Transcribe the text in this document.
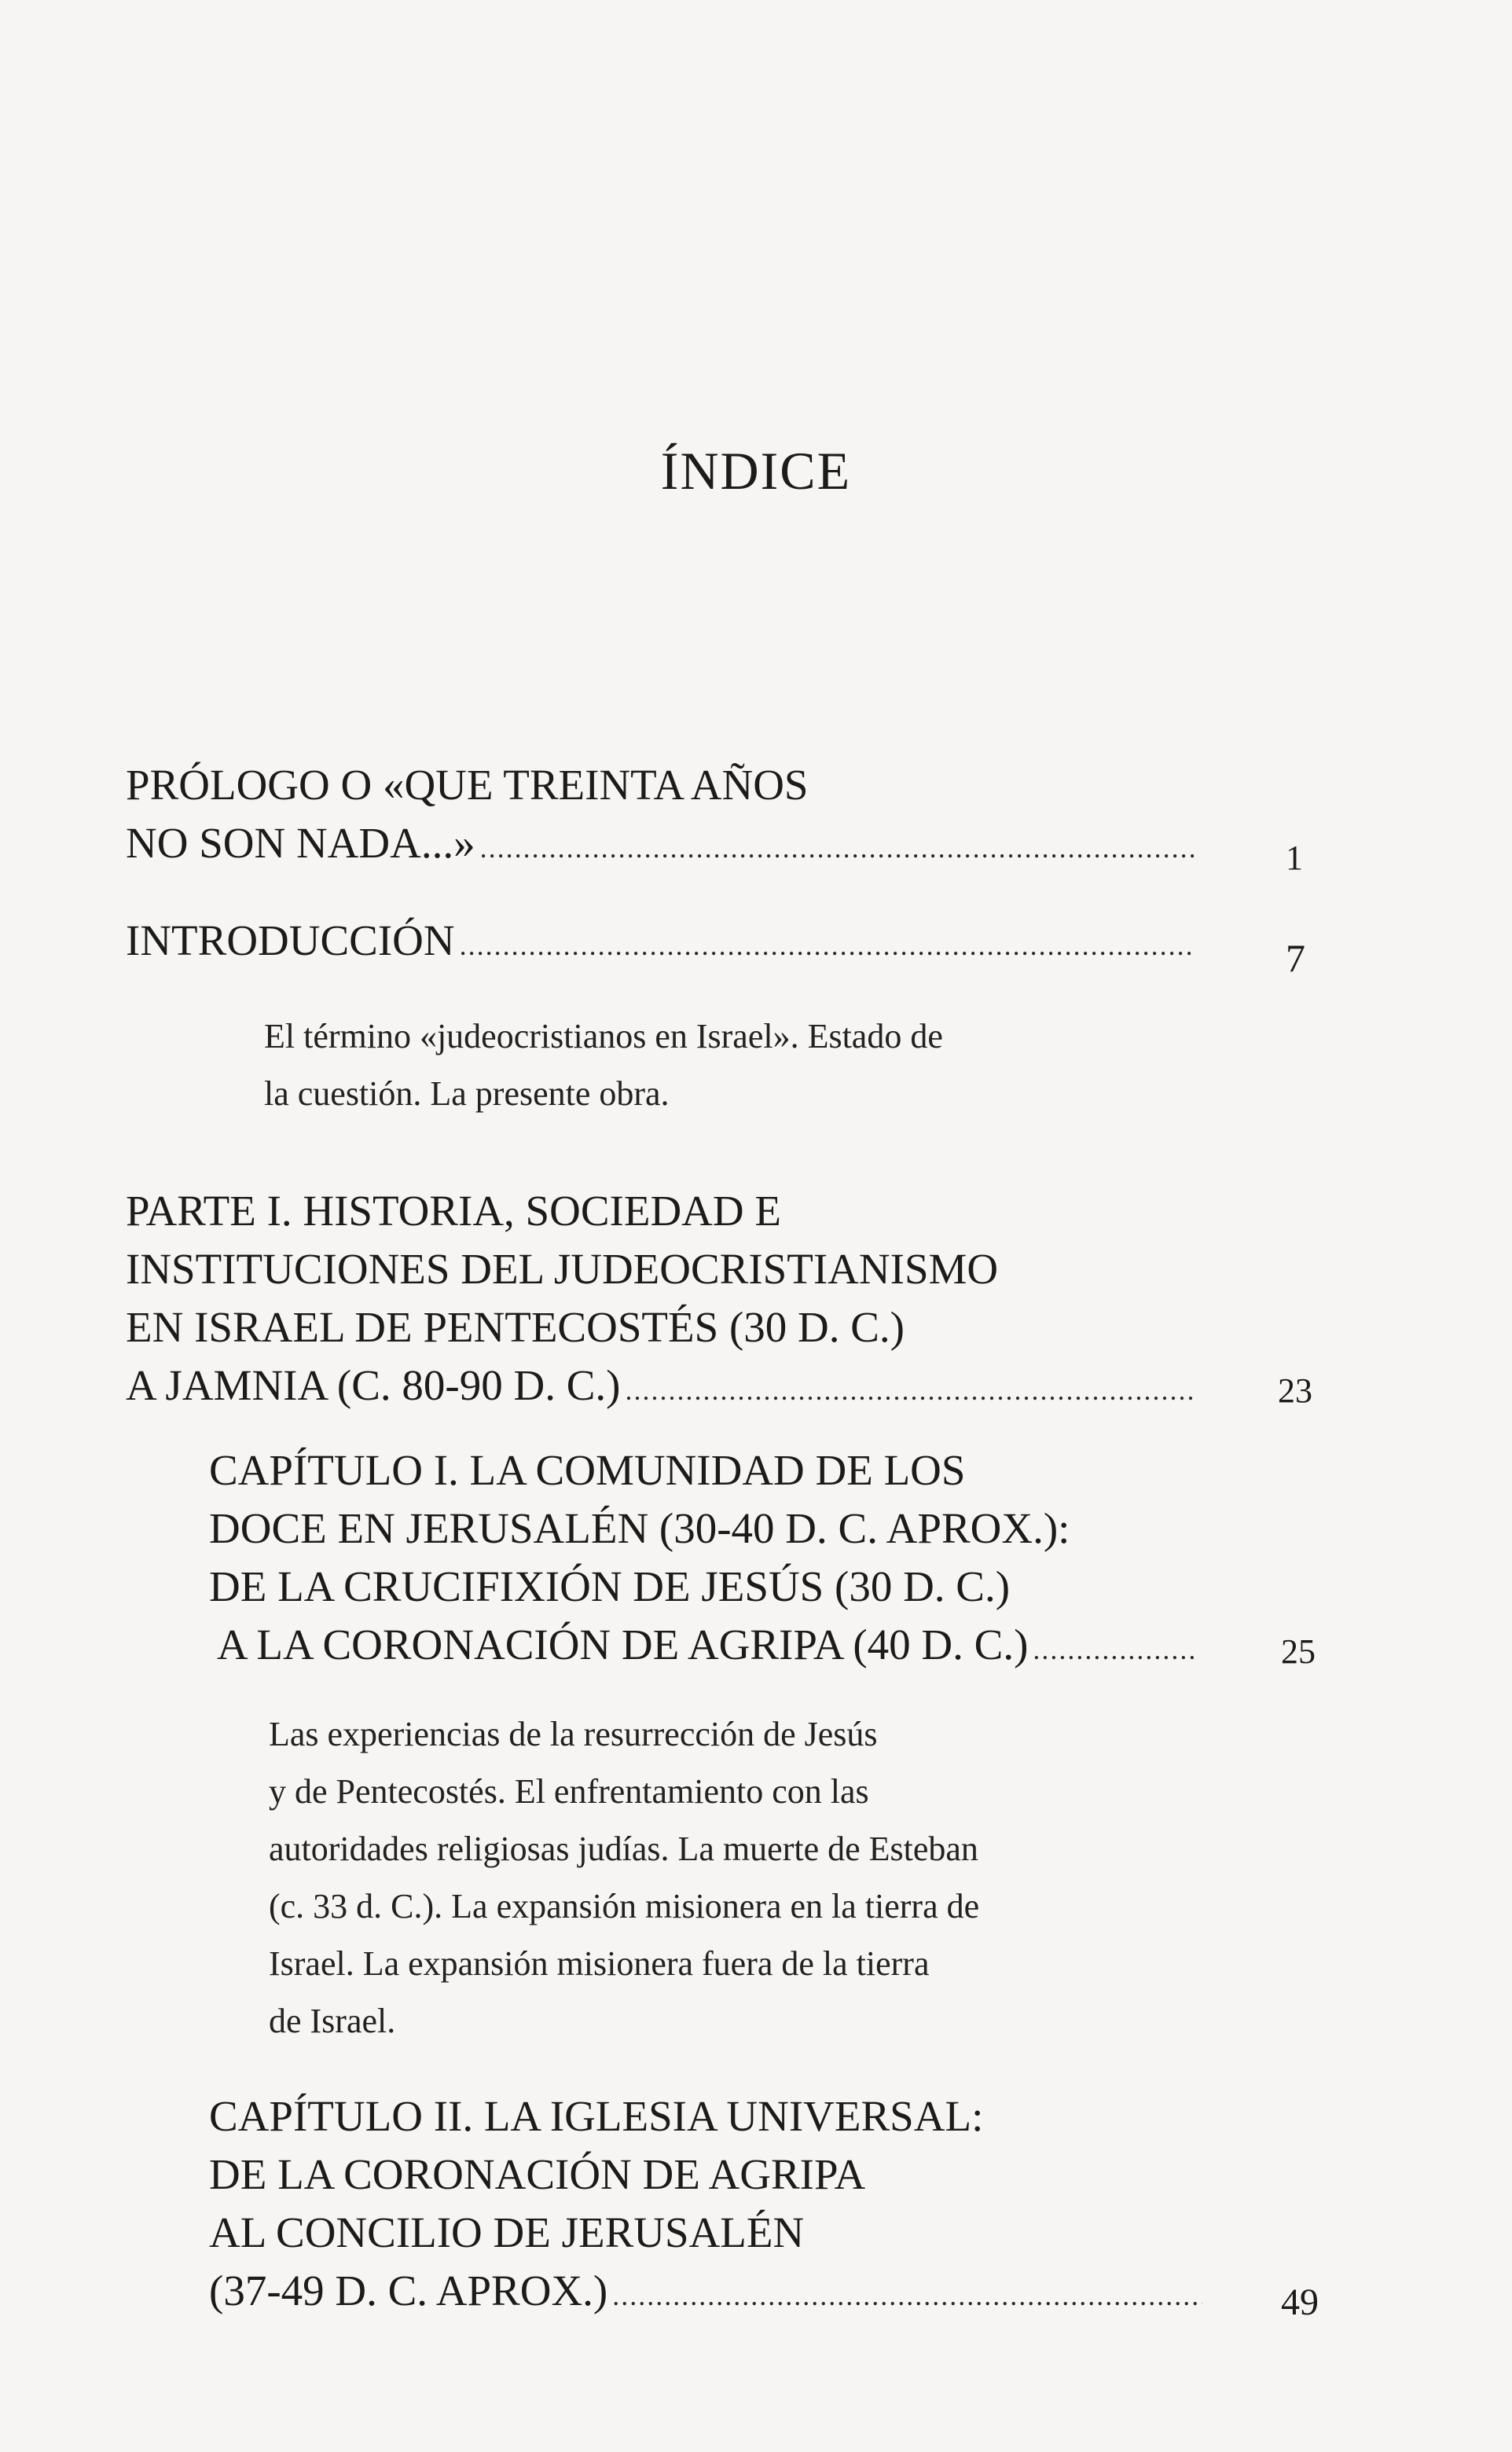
ÍNDICE
PRÓLOGO O «QUE TREINTA AÑOS
NO SON NADA...» .....	1
INTRODUCCIÓN .....	7
El término «judeocristianos en Israel». Estado de
la cuestión. La presente obra.
PARTE I. HISTORIA, SOCIEDAD E
INSTITUCIONES DEL JUDEOCRISTIANISMO
EN ISRAEL DE PENTECOSTÉS (30 D. C.)
A JAMNIA (C. 80-90 D. C.) .....	23
CAPÍTULO I. LA COMUNIDAD DE LOS
DOCE EN JERUSALÉN (30-40 D. C. APROX.):
DE LA CRUCIFIXIÓN DE JESÚS (30 D. C.)
A LA CORONACIÓN DE AGRIPA (40 D. C.) .....	25
Las experiencias de la resurrección de Jesús
y de Pentecostés. El enfrentamiento con las
autoridades religiosas judías. La muerte de Esteban
(c. 33 d. C.). La expansión misionera en la tierra de
Israel. La expansión misionera fuera de la tierra
de Israel.
CAPÍTULO II. LA IGLESIA UNIVERSAL:
DE LA CORONACIÓN DE AGRIPA
AL CONCILIO DE JERUSALÉN
(37-49 D. C. APROX.) .....	49
